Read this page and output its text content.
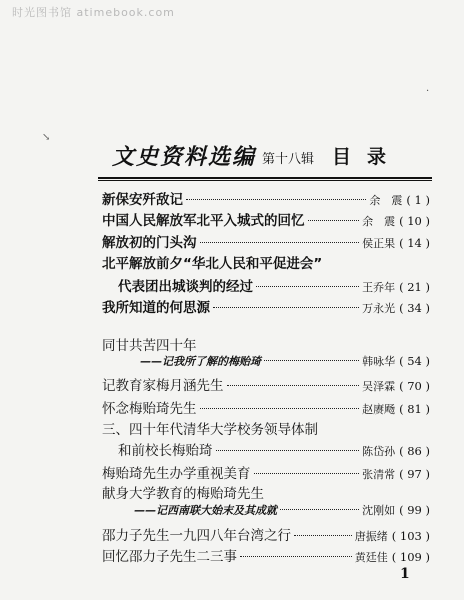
时光图书馆 atimebook.com
·
↘
文史资料选编 第十八辑 目录
新保安歼敌记	余　震 ( 1 )
中国人民解放军北平入城式的回忆	余　震 ( 10 )
解放初的门头沟	侯正果 ( 14 )
北平解放前夕“华北人民和平促进会”
代表团出城谈判的经过	王乔年 ( 21 )
我所知道的何思源	万永光 ( 34 )
同甘共苦四十年
——记我所了解的梅贻琦	韩咏华 ( 54 )
记教育家梅月涵先生	吴泽霖 ( 70 )
怀念梅贻琦先生	赵赓飏 ( 81 )
三、四十年代清华大学校务领导体制
和前校长梅贻琦	陈岱孙 ( 86 )
梅贻琦先生办学重视美育	张清常 ( 97 )
献身大学教育的梅贻琦先生
——记西南联大始末及其成就	沈刚如 ( 99 )
邵力子先生一九四八年台湾之行	唐振绪 ( 103 )
回忆邵力子先生二三事	黄廷佳 ( 109 )
1
